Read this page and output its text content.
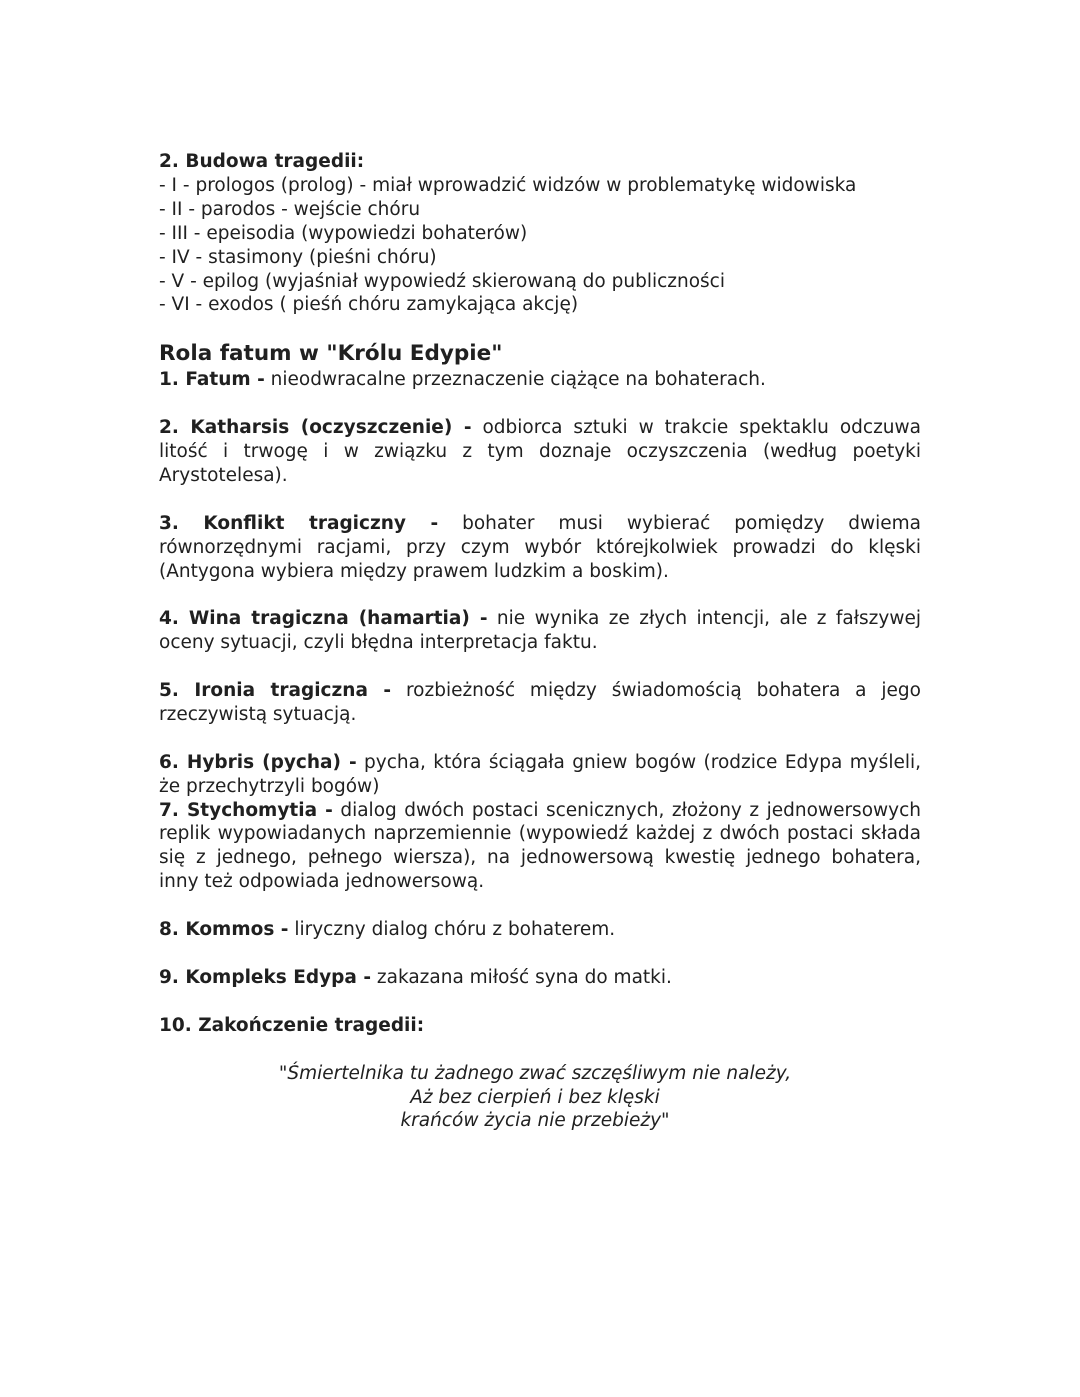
2. Budowa tragedii:

- I - prologos (prolog) - miał wprowadzić widzów w problematykę widowiska

- II - parodos - wejście chóru

- III - epeisodia (wypowiedzi bohaterów)

- IV - stasimony (pieśni chóru)

- V - epilog (wyjaśniał wypowiedź skierowaną do publiczności

- VI - exodos ( pieśń chóru zamykająca akcję)

Rola fatum w "Królu Edypie"

1. Fatum - nieodwracalne przeznaczenie ciążące na bohaterach.

2. Katharsis (oczyszczenie) - odbiorca sztuki w trakcie spektaklu odczuwa litość i trwogę i w związku z tym doznaje oczyszczenia (według poetyki Arystotelesa).

3. Konflikt tragiczny - bohater musi wybierać pomiędzy dwiema równorzędnymi racjami, przy czym wybór którejkolwiek prowadzi do klęski (Antygona wybiera między prawem ludzkim a boskim).

4. Wina tragiczna (hamartia) - nie wynika ze złych intencji, ale z fałszywej oceny sytuacji, czyli błędna interpretacja faktu.

5. Ironia tragiczna - rozbieżność między świadomością bohatera a jego rzeczywistą sytuacją.

6. Hybris (pycha) - pycha, która ściągała gniew bogów (rodzice Edypa myśleli, że przechytrzyli bogów)

7. Stychomytia - dialog dwóch postaci scenicznych, złożony z jednowersowych replik wypowiadanych naprzemiennie (wypowiedź każdej z dwóch postaci składa się z jednego, pełnego wiersza), na jednowersową kwestię jednego bohatera, inny też odpowiada jednowersową.

8. Kommos - liryczny dialog chóru z bohaterem.

9. Kompleks Edypa - zakazana miłość syna do matki.

10. Zakończenie tragedii:

"Śmiertelnika tu żadnego zwać szczęśliwym nie należy,
Aż bez cierpień i bez klęski
krańców życia nie przebieży"
